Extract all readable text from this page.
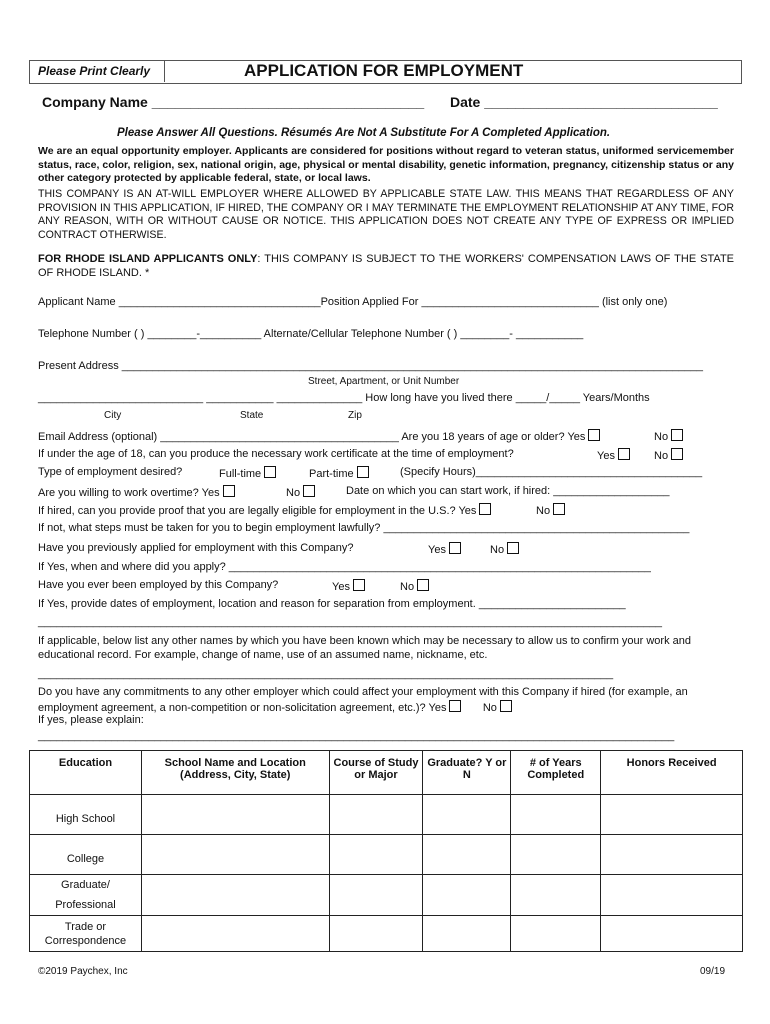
Please Print Clearly	APPLICATION FOR EMPLOYMENT
Company Name ___________________________________ Date ______________________________
Please Answer All Questions. Résumés Are Not A Substitute For A Completed Application.
We are an equal opportunity employer. Applicants are considered for positions without regard to veteran status, uniformed servicemember status, race, color, religion, sex, national origin, age, physical or mental disability, genetic information, pregnancy, citizenship status or any other category protected by applicable federal, state, or local laws.
THIS COMPANY IS AN AT-WILL EMPLOYER WHERE ALLOWED BY APPLICABLE STATE LAW. THIS MEANS THAT REGARDLESS OF ANY PROVISION IN THIS APPLICATION, IF HIRED, THE COMPANY OR I MAY TERMINATE THE EMPLOYMENT RELATIONSHIP AT ANY TIME, FOR ANY REASON, WITH OR WITHOUT CAUSE OR NOTICE. THIS APPLICATION DOES NOT CREATE ANY TYPE OF EXPRESS OR IMPLIED CONTRACT OTHERWISE.
FOR RHODE ISLAND APPLICANTS ONLY: THIS COMPANY IS SUBJECT TO THE WORKERS' COMPENSATION LAWS OF THE STATE OF RHODE ISLAND. *
Applicant Name _________________________________Position Applied For _____________________________ (list only one)
Telephone Number ( ) ________-__________ Alternate/Cellular Telephone Number ( ) ________- ___________
Present Address _______________________________________________________________________________________________
Street, Apartment, or Unit Number
___________________________ ___________ ______________ How long have you lived there _____/_____ Years/Months
City	State	Zip
Email Address (optional) _______________________________________ Are you 18 years of age or older? Yes	No
If under the age of 18, can you produce the necessary work certificate at the time of employment?	Yes	No
Type of employment desired?	Full-time	Part-time	(Specify Hours)_____________________________________
Are you willing to work overtime? Yes	No	Date on which you can start work, if hired: ___________________
If hired, can you provide proof that you are legally eligible for employment in the U.S.? Yes	No
If not, what steps must be taken for you to begin employment lawfully? __________________________________________________
Have you previously applied for employment with this Company?	Yes	No
If Yes, when and where did you apply? _____________________________________________________________________
Have you ever been employed by this Company?	Yes	No
If Yes, provide dates of employment, location and reason for separation from employment. ________________________
______________________________________________________________________________________________________
If applicable, below list any other names by which you have been known which may be necessary to allow us to confirm your work and educational record. For example, change of name, use of an assumed name, nickname, etc.
______________________________________________________________________________________________
Do you have any commitments to any other employer which could affect your employment with this Company if hired (for example, an employment agreement, a non-competition or non-solicitation agreement, etc.)? Yes	No
If yes, please explain:
________________________________________________________________________________________________________
Education	School Name and Location (Address, City, State)	Course of Study or Major	Graduate? Y or N	# of Years Completed	Honors Received
High School					
College					
Graduate/ Professional					
Trade or Correspondence					
©2019 Paychex, Inc	09/19
